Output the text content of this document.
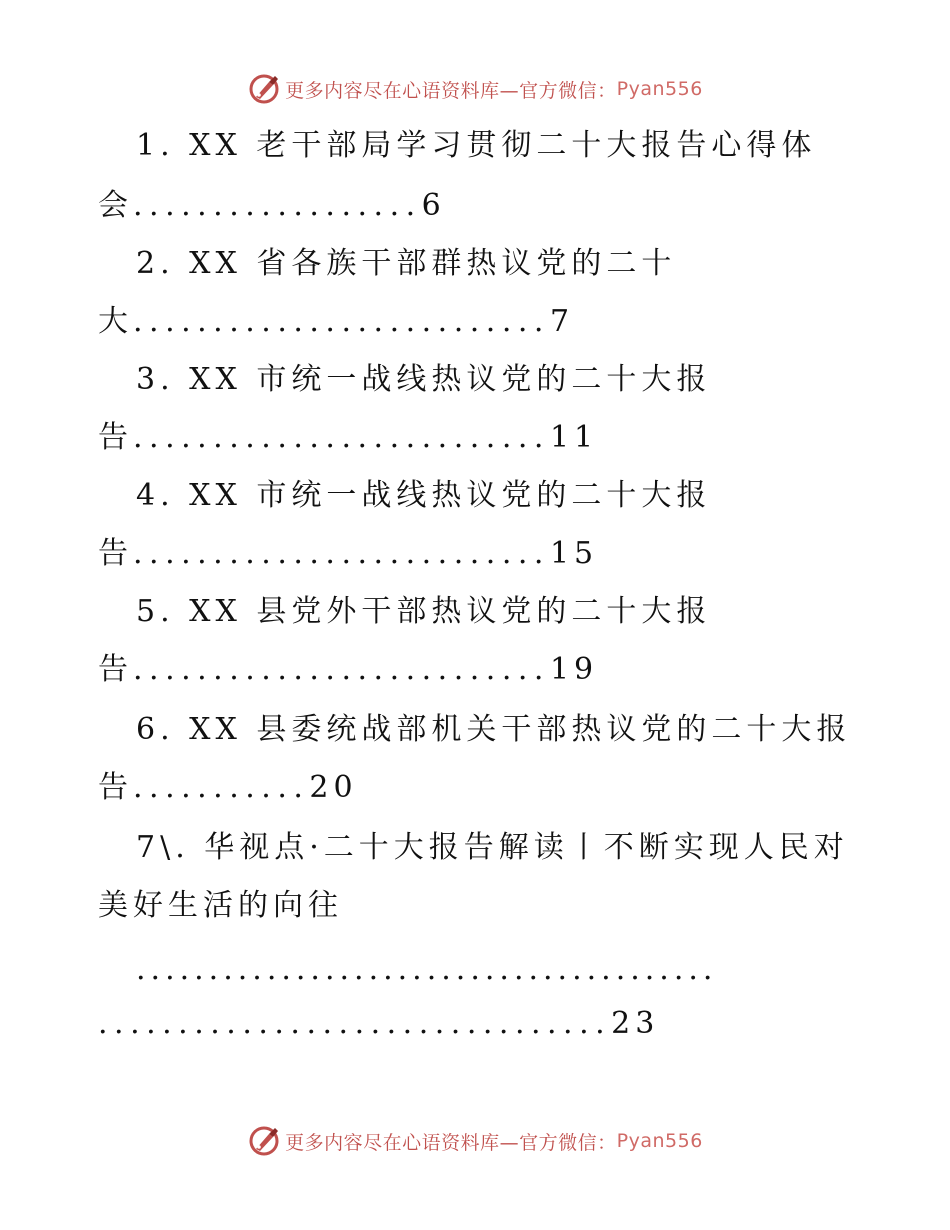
更多内容尽在心语资料库—官方微信： Pyan556
1. XX 老干部局学习贯彻二十大报告心得体
会..................6
2. XX 省各族干部群热议党的二十
大..........................7
3. XX 市统一战线热议党的二十大报
告..........................11
4. XX 市统一战线热议党的二十大报
告..........................15
5. XX 县党外干部热议党的二十大报
告..........................19
6. XX 县委统战部机关干部热议党的二十大报
告...........20
7\. 华视点·二十大报告解读丨不断实现人民对
美好生活的向往
........................................
................................23
更多内容尽在心语资料库—官方微信： Pyan556
